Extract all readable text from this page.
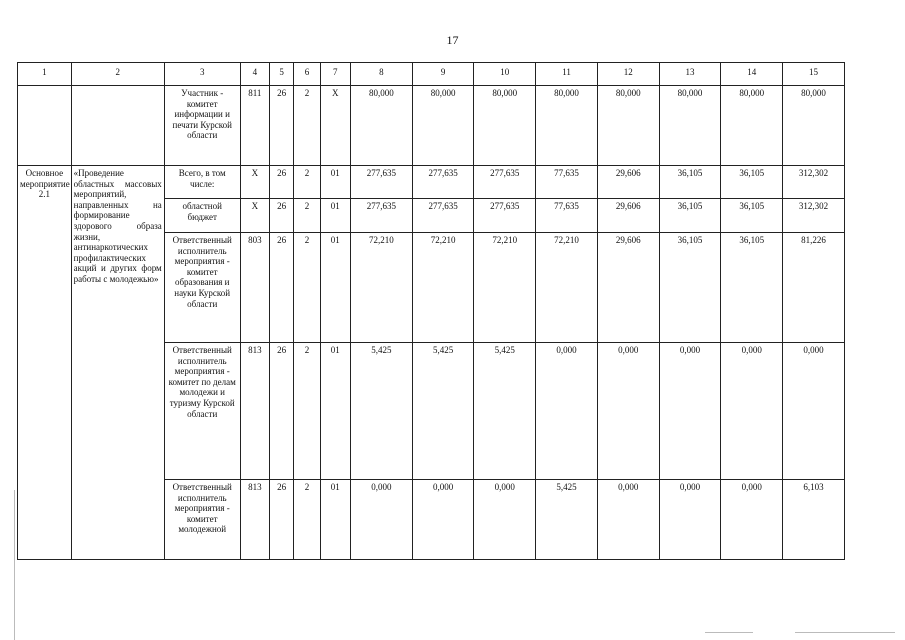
17
1	2	3	4	5	6	7	8	9	10	11	12	13	14	15
		Участник - комитет информации и печати Курской области	811	26	2	X	80,000	80,000	80,000	80,000	80,000	80,000	80,000	80,000
Основное мероприятие 2.1	«Проведение областных массовых мероприятий, направленных на формирование здорового образа жизни, антинаркотических профилактических акций и других форм работы с молодежью»	Всего, в том числе:	X	26	2	01	277,635	277,635	277,635	77,635	29,606	36,105	36,105	312,302
		областной бюджет	X	26	2	01	277,635	277,635	277,635	77,635	29,606	36,105	36,105	312,302
		Ответственный исполнитель мероприятия - комитет образования и науки Курской области	803	26	2	01	72,210	72,210	72,210	72,210	29,606	36,105	36,105	81,226
		Ответственный исполнитель мероприятия - комитет по делам молодежи и туризму Курской области	813	26	2	01	5,425	5,425	5,425	0,000	0,000	0,000	0,000	0,000
		Ответственный исполнитель мероприятия - комитет молодежной	813	26	2	01	0,000	0,000	0,000	5,425	0,000	0,000	0,000	6,103
